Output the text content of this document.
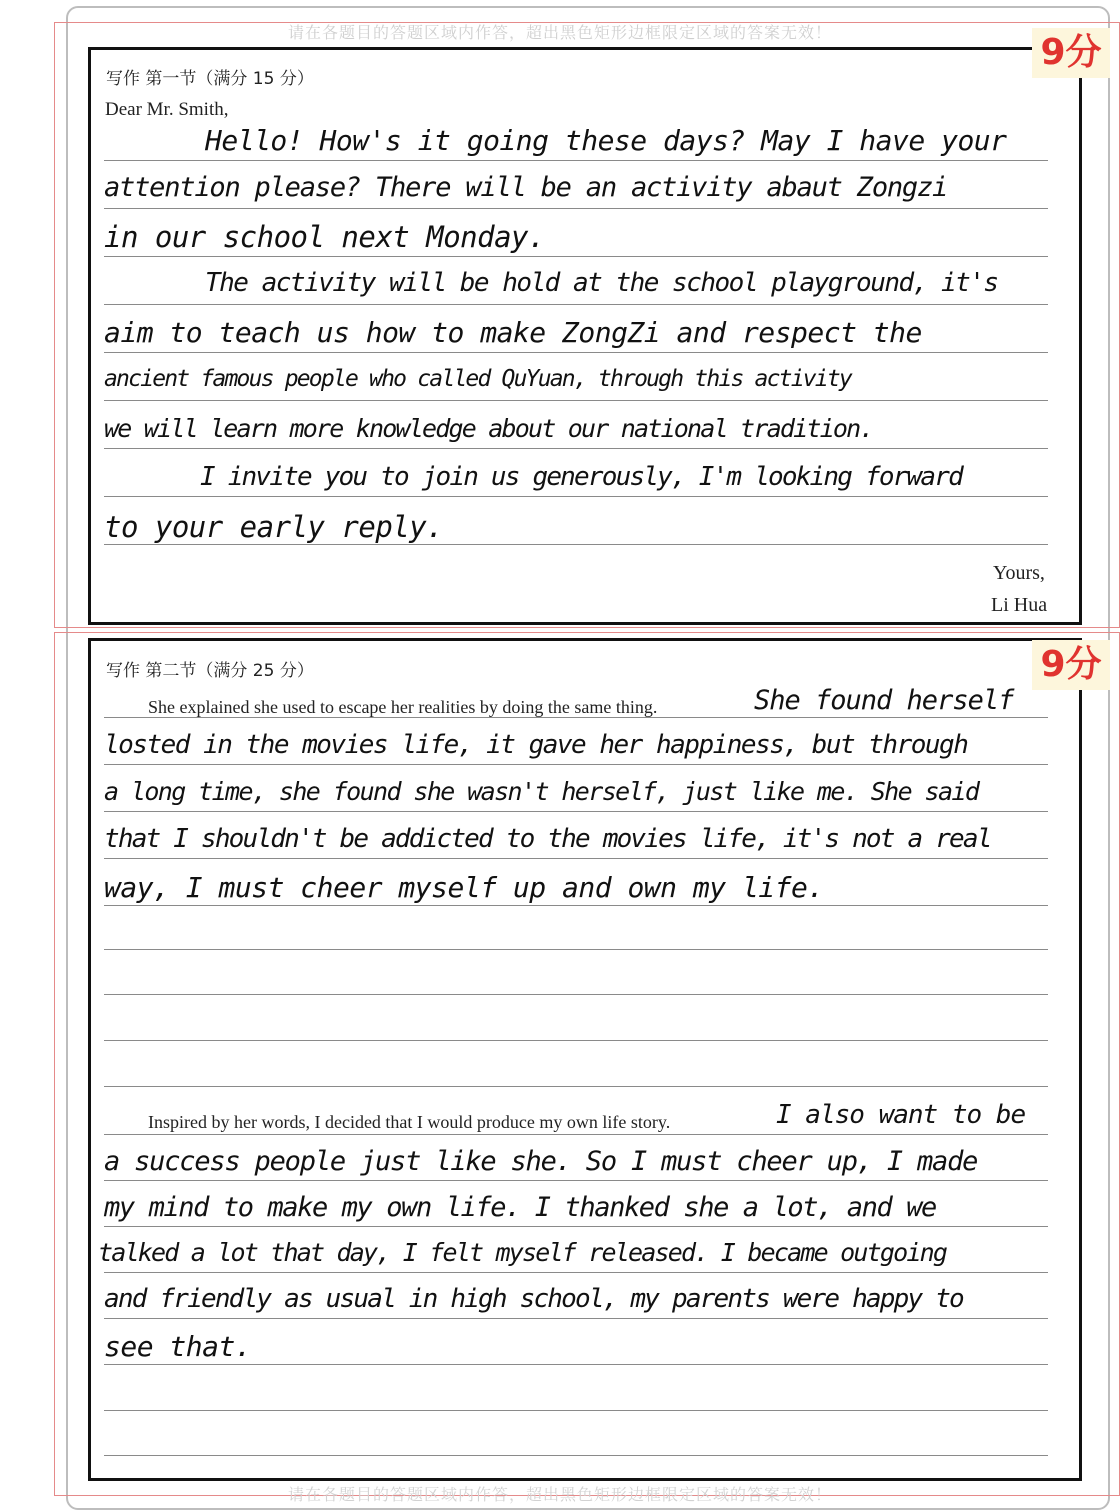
请在各题目的答题区域内作答，超出黑色矩形边框限定区域的答案无效！	9分
写作 第一节（满分 15 分）
Dear Mr. Smith,
Hello! How's it going these days? May I have your
attention please? There will be an activity abaut Zongzi
in our school next Monday.
The activity will be hold at the school playground, it's
aim to teach us how to make ZongZi and respect the
ancient famous people who called QuYuan, through this activity
we will learn more knowledge about our national tradition.
I invite you to join us generously, I'm looking forward
to your early reply.
Yours,
Li Hua
9分
写作 第二节（满分 25 分）
She explained she used to escape her realities by doing the same thing.	She found herself
losted in the movies life, it gave her happiness, but through
a long time, she found she wasn't herself, just like me. She said
that I shouldn't be addicted to the movies life, it's not a real
way, I must cheer myself up and own my life.
Inspired by her words, I decided that I would produce my own life story.	I also want to be
a success people just like she. So I must cheer up, I made
my mind to make my own life. I thanked she a lot, and we
talked a lot that day, I felt myself released. I became outgoing
and friendly as usual in high school, my parents were happy to
see that.
请在各题目的答题区域内作答，超出黑色矩形边框限定区域的答案无效！
